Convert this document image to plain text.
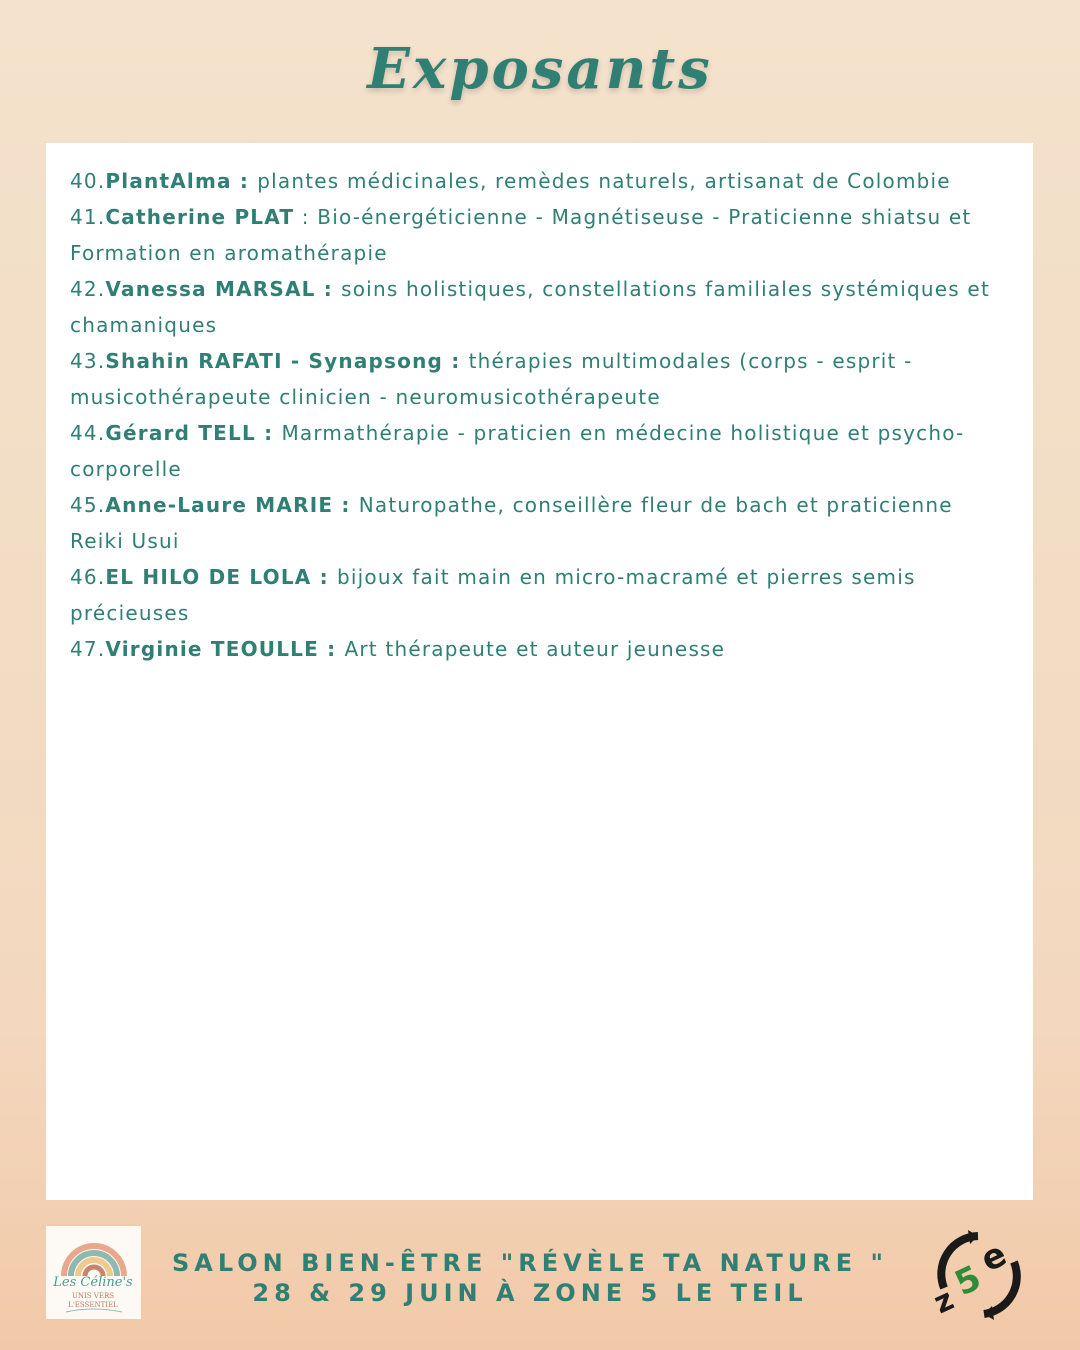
Exposants
40.PlantAlma : plantes médicinales, remèdes naturels, artisanat de Colombie
41.Catherine PLAT : Bio-énergéticienne - Magnétiseuse - Praticienne shiatsu et Formation en aromathérapie
42.Vanessa MARSAL : soins holistiques, constellations familiales systémiques et chamaniques
43.Shahin RAFATI - Synapsong : thérapies multimodales (corps - esprit - musicothérapeute clinicien - neuromusicothérapeute
44.Gérard TELL : Marmathérapie - praticien en médecine holistique et psycho-corporelle
45.Anne-Laure MARIE : Naturopathe, conseillère fleur de bach et praticienne Reiki Usui
46.EL HILO DE LOLA : bijoux fait main en micro-macramé et pierres semis précieuses
47.Virginie TEOULLE : Art thérapeute et auteur jeunesse
Les Céline's
UNIS VERS
L'ESSENTIEL
SALON BIEN-ÊTRE "RÉVÈLE TA NATURE "
28 & 29 JUIN À ZONE 5 LE TEIL	z
5
e
